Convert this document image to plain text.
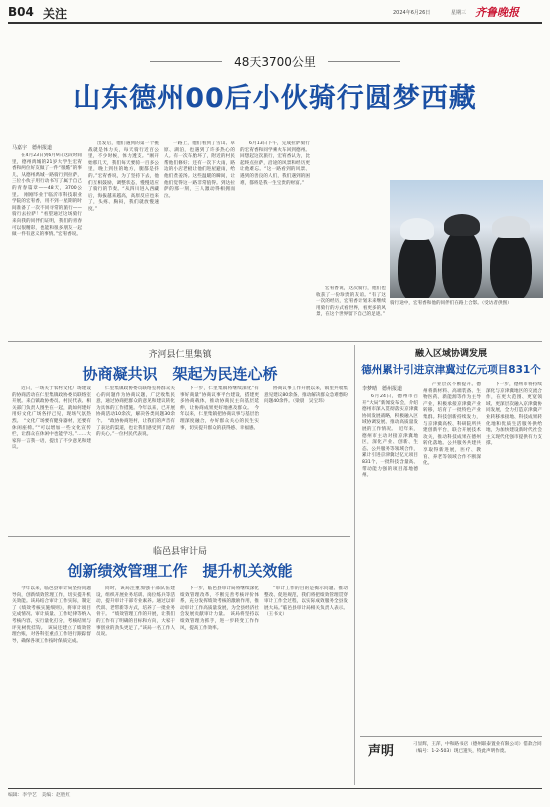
B04 关注	2024年6月26日	星期三 齐鲁晚报
48天3700公里
山东德州00后小伙骑行圆梦西藏
马嘉宇　德州报道

在4月23日到6月9日这段时间里，德州禹城的21岁大学生宏宥香和两位好友做了一件“很酷”的事儿，从德州禹城一路骑行到拉萨，三位小伙子用行动书写了属于自己的青春篇章——48天，3700公里。　刚刚毕业于临沂市科技职业学院的宏宥香，用不到一星期的时间准备了一次不同寻常的旅行——骑行去拉萨！“看望通过这场骑行来向我的同伴们证明，我们的青春可以很精彩，也能和很多朋友一起做一件有意义的事情。”宏宥香说。

出发后，他们遇到的第一个挑战就是体力关，每天骑行近百公里，不少时候，体力透支。“刚开始那几天，我们每天要骑一百多公里，晚上到住的地方，腿都是抖的。”宏宥香说，为了坚持下去，他们互相鼓励，调整状态，慢慢适应了骑行的节奏。“从四川进入西藏后，海拔越来越高，高原反应也来了，头疼、胸闷，我们就放慢速度。”

一路上，他们看到了雪山、草原、湖泊，也遇到了许多热心的人。有一次车胎坏了，附近的村民帮他们修好；还有一次下大雨，路边的小店老板让他们进屋避雨，给他们煮姜汤。这些温暖的瞬间，让他们觉得这一路非常值得。到达拉萨的那一刻，三人激动得相拥而泣。

6月13日下午，完成拉萨骑行的宏宥香和同学乘火车回到德州。回想起这次旅行，宏宥香认为，比起终点拉萨，沿途的风景和经历更让他难忘。“这一路看到的风景、遇到的善良的人们，我们遇到的困难，都将是我一生宝贵的财富。”

宏宥香说，这次骑行，他们也收获了一份珍贵的友谊。“有了这一次的经历，宏宥香计划未来继续用骑行的方式看世界，看更多的风景，在这个世界留下自己的足迹。”

骑行途中，宏宥香和他的同伴们在路上合影。（受访者供图）
齐河县仁里集镇
协商凝共识　架起为民连心桥

近日，一场关于农村文化广场建设的协商活动在仁里集镇政协委员联络室开展。来自镇政协委员、村民代表、相关部门负责人围坐在一起，就如何建好用好文化广场各抒己见，现场气氛热烈。　“文化广场要有健身器材，还要有休闲座椅。”“可以增加一些文化宣传栏，让群众在休闲中也能学习。”……大家你一言我一语，提出了不少意见和建议。

仁里集镇政协委员联络室将群众关心的问题作为协商议题，广泛收集民意，通过协商把群众的意见和建议转化为具体的工作措施。今年以来，已开展协商活动10余次，解决各类问题30余个。　“政协协商进村，让我们的声音有了表达的渠道，也让我们感受到了政府的关心。”一位村民代表说。

下一步，仁里集镇将继续深化“有事好商量”协商议事平台建设，搭建更多协商载体，推动协商民主向基层延伸，让协商成果更好地惠及群众。　今年以来，仁里集镇把协商议事与基层治理深度融合，办好群众关心的民生实事，切实提升群众的获得感、幸福感。

协商议事工作开展以来，镇里共收集意见建议80余条，推动解决群众急难愁盼问题40余件。（梁晨　吴宝玮）

临邑县审计局
创新绩效管理工作　提升机关效能

今年以来，临邑县审计局坚持问题导向，创新绩效管理工作，切实提升机关效能。该局结合审计工作实际，制定了《绩效考核实施细则》，将审计项目完成情况、审计质量、工作纪律等纳入考核内容，实行量化打分，考核结果与评先树优挂钩。　该局还建立了绩效管理台账，对各科室重点工作进行跟踪督导，确保各项工作按时保质完成。

同时，该局注重加强干部队伍建设，组织开展业务培训、岗位练兵等活动，提升审计干部专业素养。通过以审代训、老带新等方式，培养了一批业务骨干。　“绩效管理工作的开展，让我们的工作有了明确的目标和方向，大家干事创业的劲头更足了。”该局一名工作人员说。

下一步，临邑县审计局将继续深化绩效管理改革，不断完善考核评价体系，充分发挥绩效考核的激励作用，推动审计工作高质量发展，为全县经济社会发展贡献审计力量。　该局将坚持以绩效管理为抓手，进一步转变工作作风，提高工作效率。

“审计工作的目的是揭示问题、推动整改、促进规范，我们将把绩效管理贯穿审计工作全过程，以实际成效服务全县发展大局。”临邑县审计局相关负责人表示。（王书文）

融入区域协调发展
德州累计引进京津冀过亿元项目831个
李梦晴　德州报道

6月24日，德州市召开“大局”新闻发布会，介绍德州市深入贯彻落实京津冀协同发展战略，积极融入区域协调发展、推动高质量发展的工作情况。　近年来，德州市主动对接京津冀地区，深化产业、创新、生态、公共服务等领域合作，累计引进京津冀过亿元项目831个，一批科技含量高、带动能力强的项目落地德州。

产业层次不断提升。德州将新材料、高端装备、生物医药、新能源等作为主导产业，积极承接京津冀产业转移，培育了一批特色产业集群。科技创新持续发力，与京津冀高校、科研院所共建创新平台，联合开展技术攻关，推动科技成果在德州转化落地。公共服务共建共享取得新进展，医疗、教育、养老等领域合作不断深化。

下一步，德州市将持续深化与京津冀地区的交流合作，在更大范围、更宽领域、更深层次融入京津冀协同发展，全力打造京津冀产业转移承接地、科技成果转化地和优质生活服务供给地，为加快建设新时代社会主义现代化强市提供有力支撑。

声明	刁显辉，王萍，中和路书店（德州联泰置业有限公司）借款合同（编号：1-2-503）现已遗失，特此声明作废。
编辑：李学艺　美编：赵胜红
